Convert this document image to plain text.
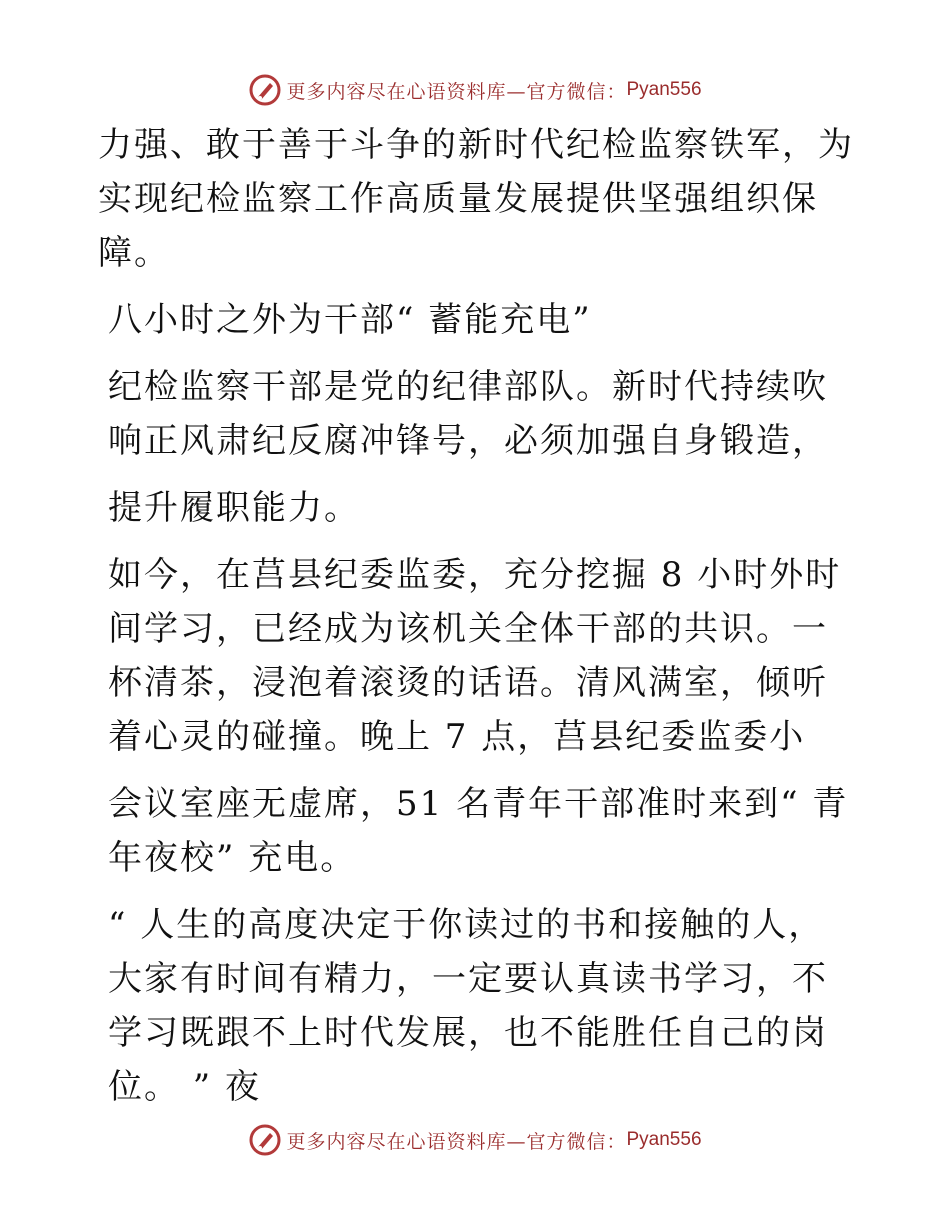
更多内容尽在心语资料库—官方微信： Pyan556

力强、敢于善于斗争的新时代纪检监察铁军，为实现纪检监察工作高质量发展提供坚强组织保障。

八小时之外为干部“ 蓄能充电”

纪检监察干部是党的纪律部队。新时代持续吹响正风肃纪反腐冲锋号，必须加强自身锻造，

提升履职能力。

如今，在莒县纪委监委，充分挖掘 8 小时外时间学习，已经成为该机关全体干部的共识。一杯清茶，浸泡着滚烫的话语。清风满室，倾听着心灵的碰撞。晚上 7 点，莒县纪委监委小

会议室座无虚席，51 名青年干部准时来到“ 青年夜校” 充电。

“ 人生的高度决定于你读过的书和接触的人，大家有时间有精力，一定要认真读书学习，不学习既跟不上时代发展，也不能胜任自己的岗位。 ” 夜

更多内容尽在心语资料库—官方微信： Pyan556
